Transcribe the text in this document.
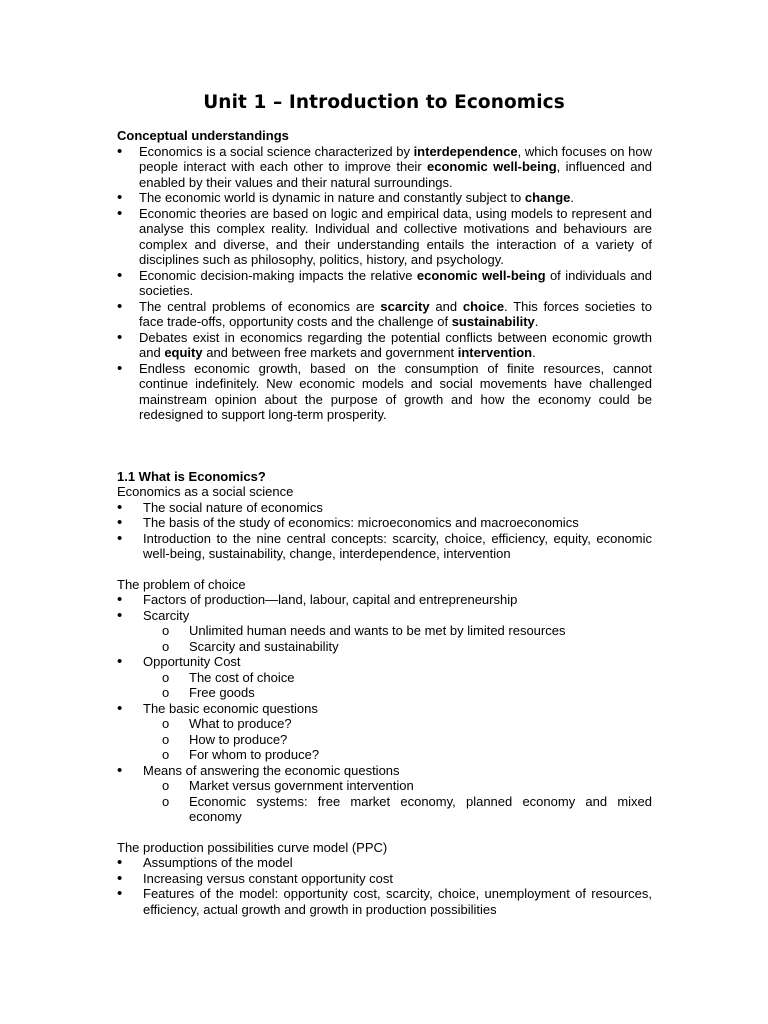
Unit 1 – Introduction to Economics

Conceptual understandings

• Economics is a social science characterized by interdependence, which focuses on how people interact with each other to improve their economic well-being, influenced and enabled by their values and their natural surroundings.
• The economic world is dynamic in nature and constantly subject to change.
• Economic theories are based on logic and empirical data, using models to represent and analyse this complex reality. Individual and collective motivations and behaviours are complex and diverse, and their understanding entails the interaction of a variety of disciplines such as philosophy, politics, history, and psychology.
• Economic decision-making impacts the relative economic well-being of individuals and societies.
• The central problems of economics are scarcity and choice. This forces societies to face trade-offs, opportunity costs and the challenge of sustainability.
• Debates exist in economics regarding the potential conflicts between economic growth and equity and between free markets and government intervention.
• Endless economic growth, based on the consumption of finite resources, cannot continue indefinitely. New economic models and social movements have challenged mainstream opinion about the purpose of growth and how the economy could be redesigned to support long-term prosperity.

1.1 What is Economics?

Economics as a social science

• The social nature of economics
• The basis of the study of economics: microeconomics and macroeconomics
• Introduction to the nine central concepts: scarcity, choice, efficiency, equity, economic well-being, sustainability, change, interdependence, intervention

The problem of choice

• Factors of production—land, labour, capital and entrepreneurship
• Scarcity
o Unlimited human needs and wants to be met by limited resources
o Scarcity and sustainability
• Opportunity Cost
o The cost of choice
o Free goods
• The basic economic questions
o What to produce?
o How to produce?
o For whom to produce?
• Means of answering the economic questions
o Market versus government intervention
o Economic systems: free market economy, planned economy and mixed economy

The production possibilities curve model (PPC)

• Assumptions of the model
• Increasing versus constant opportunity cost
• Features of the model: opportunity cost, scarcity, choice, unemployment of resources, efficiency, actual growth and growth in production possibilities
